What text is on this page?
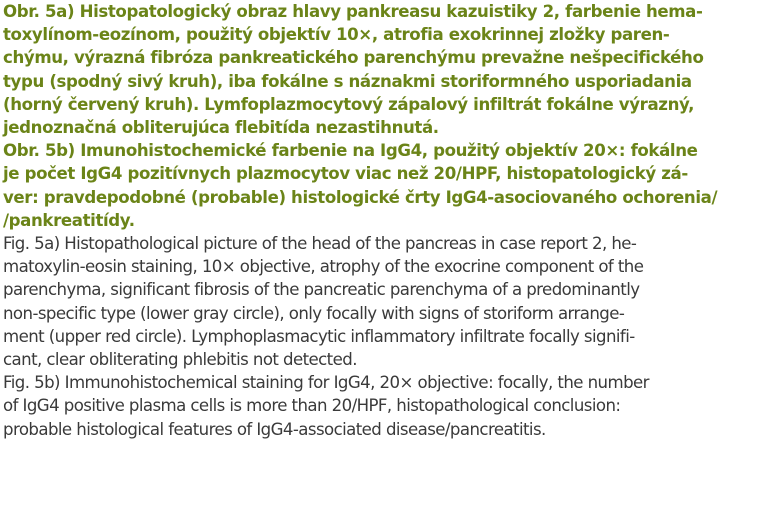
Obr. 5a) Histopatologický obraz hlavy pankreasu kazuistiky 2, farbenie hema-
toxylínom-eozínom, použitý objektív 10×, atrofia exokrinnej zložky paren-
chýmu, výrazná fibróza pankreatického parenchýmu prevažne nešpecifického
typu (spodný sivý kruh), iba fokálne s náznakmi storiformného usporiadania
(horný červený kruh). Lymfoplazmocytový zápalový infiltrát fokálne výrazný,
jednoznačná obliterujúca flebitída nezastihnutá.
Obr. 5b) Imunohistochemické farbenie na IgG4, použitý objektív 20×: fokálne
je počet IgG4 pozitívnych plazmocytov viac než 20/HPF, histopatologický zá-
ver: pravdepodobné (probable) histologické črty IgG4-asociovaného ochorenia/
/pankreatitídy.
Fig. 5a) Histopathological picture of the head of the pancreas in case report 2, he-
matoxylin-eosin staining, 10× objective, atrophy of the exocrine component of the
parenchyma, significant fibrosis of the pancreatic parenchyma of a predominantly
non-specific type (lower gray circle), only focally with signs of storiform arrange-
ment (upper red circle). Lymphoplasmacytic inflammatory infiltrate focally signifi-
cant, clear obliterating phlebitis not detected.
Fig. 5b) Immunohistochemical staining for IgG4, 20× objective: focally, the number
of IgG4 positive plasma cells is more than 20/HPF, histopathological conclusion:
probable histological features of IgG4-associated disease/pancreatitis.
